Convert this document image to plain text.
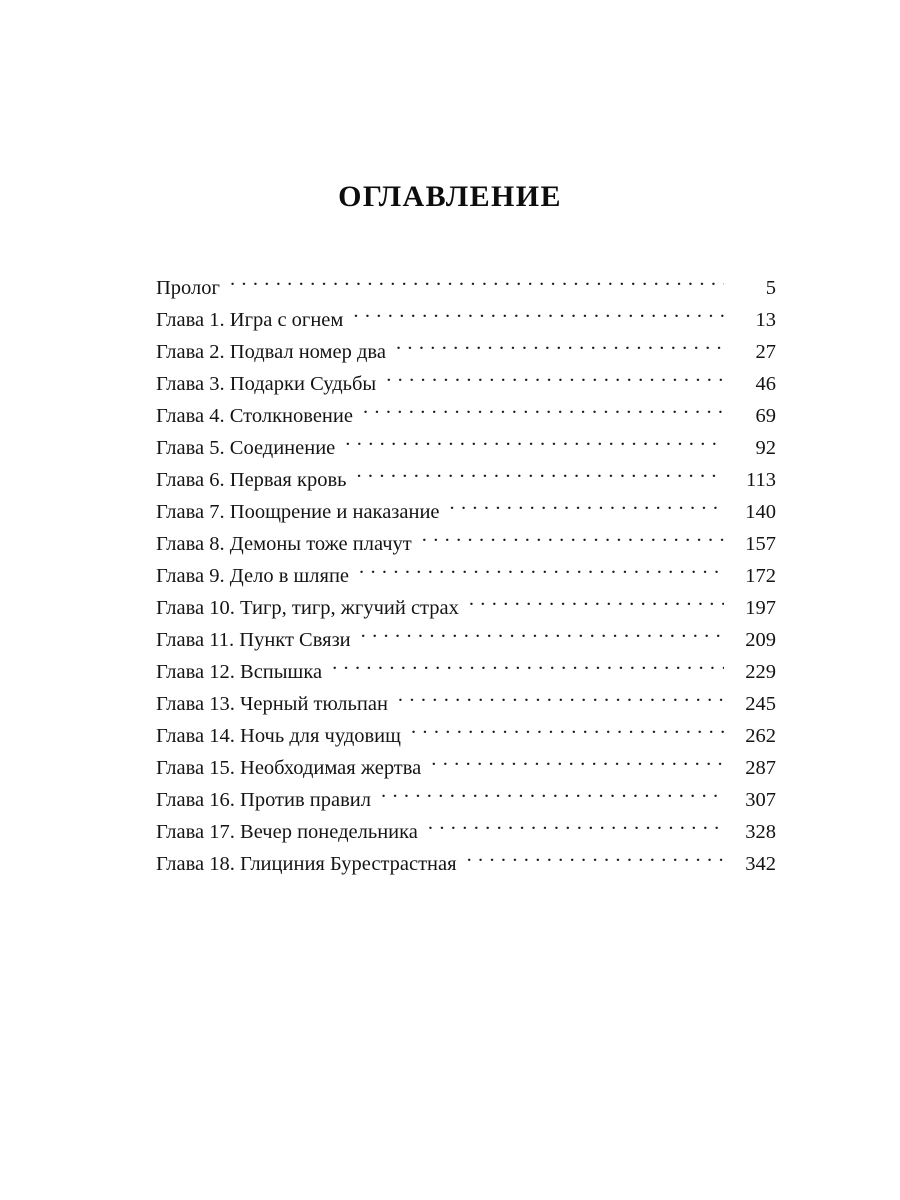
ОГЛАВЛЕНИЕ
Пролог . . .	5
Глава 1. Игра с огнем . . .	13
Глава 2. Подвал номер два . . .	27
Глава 3. Подарки Судьбы . . .	46
Глава 4. Столкновение . . .	69
Глава 5. Соединение . . .	92
Глава 6. Первая кровь . . .	113
Глава 7. Поощрение и наказание . . .	140
Глава 8. Демоны тоже плачут . . .	157
Глава 9. Дело в шляпе . . .	172
Глава 10. Тигр, тигр, жгучий страх . . .	197
Глава 11. Пункт Связи . . .	209
Глава 12. Вспышка . . .	229
Глава 13. Черный тюльпан . . .	245
Глава 14. Ночь для чудовищ . . .	262
Глава 15. Необходимая жертва . . .	287
Глава 16. Против правил . . .	307
Глава 17. Вечер понедельника . . .	328
Глава 18. Глициния Бурестрастная . . .	342
